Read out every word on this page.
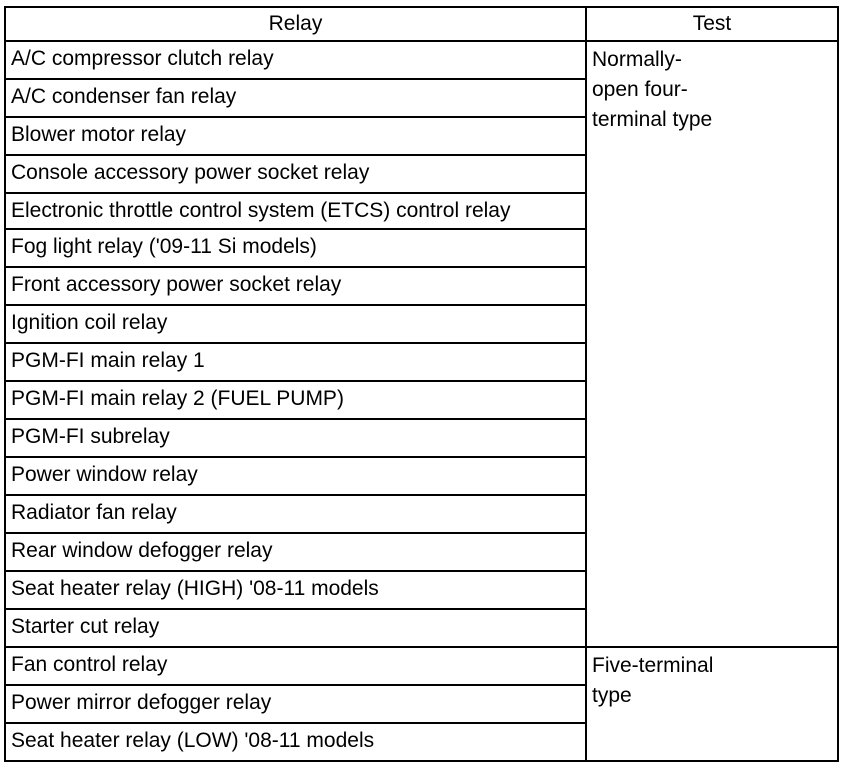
Relay	Test
A/C compressor clutch relay	Normally-
open four-
terminal type

A/C condenser fan relay	
Blower motor relay	
Console accessory power socket relay	
Electronic throttle control system (ETCS) control relay	
Fog light relay ('09-11 Si models)	
Front accessory power socket relay	
Ignition coil relay	
PGM-FI main relay 1	
PGM-FI main relay 2 (FUEL PUMP)	
PGM-FI subrelay	
Power window relay	
Radiator fan relay	
Rear window defogger relay	
Seat heater relay (HIGH) '08-11 models	
Starter cut relay	
Fan control relay	Five-terminal
type

Power mirror defogger relay	
Seat heater relay (LOW) '08-11 models	
